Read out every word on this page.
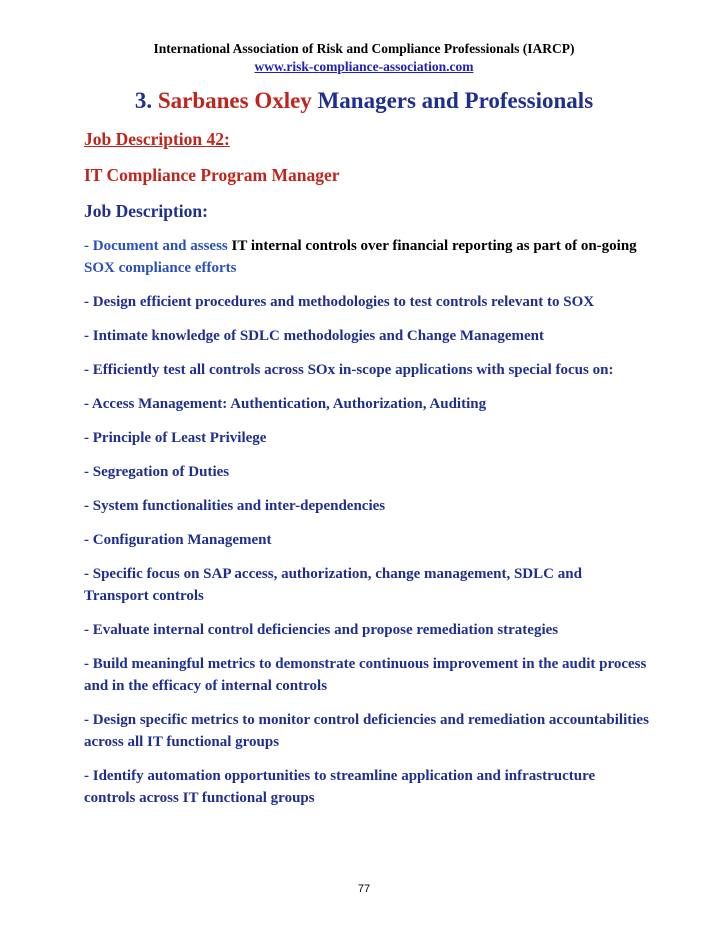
International Association of Risk and Compliance Professionals (IARCP)
www.risk-compliance-association.com
3. Sarbanes Oxley Managers and Professionals
Job Description 42:
IT Compliance Program Manager
Job Description:
- Document and assess IT internal controls over financial reporting as part of on-going SOX compliance efforts
- Design efficient procedures and methodologies to test controls relevant to SOX
- Intimate knowledge of SDLC methodologies and Change Management
- Efficiently test all controls across SOx in-scope applications with special focus on:
- Access Management: Authentication, Authorization, Auditing
- Principle of Least Privilege
- Segregation of Duties
- System functionalities and inter-dependencies
- Configuration Management
- Specific focus on SAP access, authorization, change management, SDLC and Transport controls
- Evaluate internal control deficiencies and propose remediation strategies
- Build meaningful metrics to demonstrate continuous improvement in the audit process and in the efficacy of internal controls
- Design specific metrics to monitor control deficiencies and remediation accountabilities across all IT functional groups
- Identify automation opportunities to streamline application and infrastructure controls across IT functional groups
77
